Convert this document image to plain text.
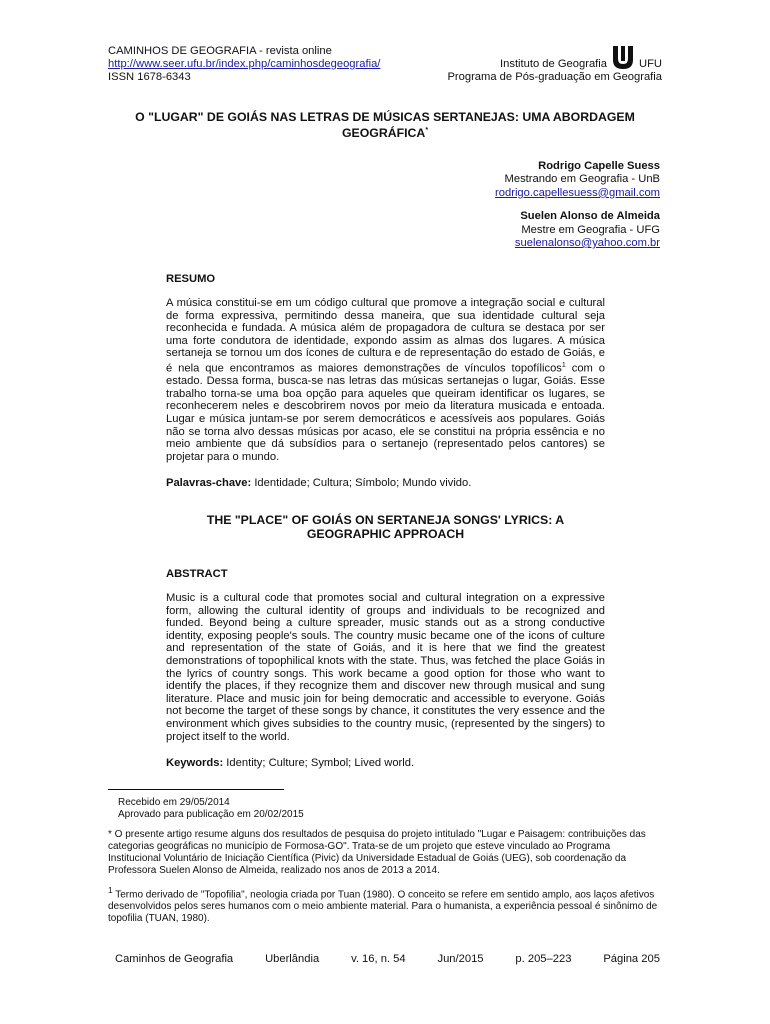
CAMINHOS DE GEOGRAFIA - revista online
http://www.seer.ufu.br/index.php/caminhosdegeografia/
ISSN 1678-6343
Instituto de Geografia	UFU
Programa de Pós-graduação em Geografia
O "LUGAR" DE GOIÁS NAS LETRAS DE MÚSICAS SERTANEJAS: UMA ABORDAGEM
GEOGRÁFICA*
Rodrigo Capelle Suess
Mestrando em Geografia - UnB
rodrigo.capellesuess@gmail.com
Suelen Alonso de Almeida
Mestre em Geografia - UFG
suelenalonso@yahoo.com.br
RESUMO
A música constitui-se em um código cultural que promove a integração social e cultural de forma expressiva, permitindo dessa maneira, que sua identidade cultural seja reconhecida e fundada. A música além de propagadora de cultura se destaca por ser uma forte condutora de identidade, expondo assim as almas dos lugares. A música sertaneja se tornou um dos ícones de cultura e de representação do estado de Goiás, e é nela que encontramos as maiores demonstrações de vínculos topofílicos$^1$ com o estado. Dessa forma, busca-se nas letras das músicas sertanejas o lugar, Goiás. Esse trabalho torna-se uma boa opção para aqueles que queiram identificar os lugares, se reconhecerem neles e descobrirem novos por meio da literatura musicada e entoada. Lugar e música juntam-se por serem democráticos e acessíveis aos populares. Goiás não se torna alvo dessas músicas por acaso, ele se constitui na própria essência e no meio ambiente que dá subsídios para o sertanejo (representado pelos cantores) se projetar para o mundo.
Palavras-chave: Identidade; Cultura; Símbolo; Mundo vivido.
THE "PLACE" OF GOIÁS ON SERTANEJA SONGS' LYRICS: A
GEOGRAPHIC APPROACH
ABSTRACT
Music is a cultural code that promotes social and cultural integration on a expressive form, allowing the cultural identity of groups and individuals to be recognized and funded. Beyond being a culture spreader, music stands out as a strong conductive identity, exposing people's souls. The country music became one of the icons of culture and representation of the state of Goiás, and it is here that we find the greatest demonstrations of topophilical knots with the state. Thus, was fetched the place Goiás in the lyrics of country songs. This work became a good option for those who want to identify the places, if they recognize them and discover new through musical and sung literature. Place and music join for being democratic and accessible to everyone. Goiás not become the target of these songs by chance, it constitutes the very essence and the environment which gives subsidies to the country music, (represented by the singers) to project itself to the world.
Keywords: Identity; Culture; Symbol; Lived world.
Recebido em 29/05/2014
Aprovado para publicação em 20/02/2015
* O presente artigo resume alguns dos resultados de pesquisa do projeto intitulado "Lugar e Paisagem: contribuições das categorias geográficas no município de Formosa-GO". Trata-se de um projeto que esteve vinculado ao Programa Institucional Voluntário de Iniciação Científica (Pivic) da Universidade Estadual de Goiás (UEG), sob coordenação da Professora Suelen Alonso de Almeida, realizado nos anos de 2013 a 2014.
$^1$ Termo derivado de "Topofilia", neologia criada por Tuan (1980). O conceito se refere em sentido amplo, aos laços afetivos desenvolvidos pelos seres humanos com o meio ambiente material. Para o humanista, a experiência pessoal é sinônimo de topofilia (TUAN, 1980).
Caminhos de Geografia	Uberlândia	v. 16, n. 54	Jun/2015	p. 205–223	Página 205
